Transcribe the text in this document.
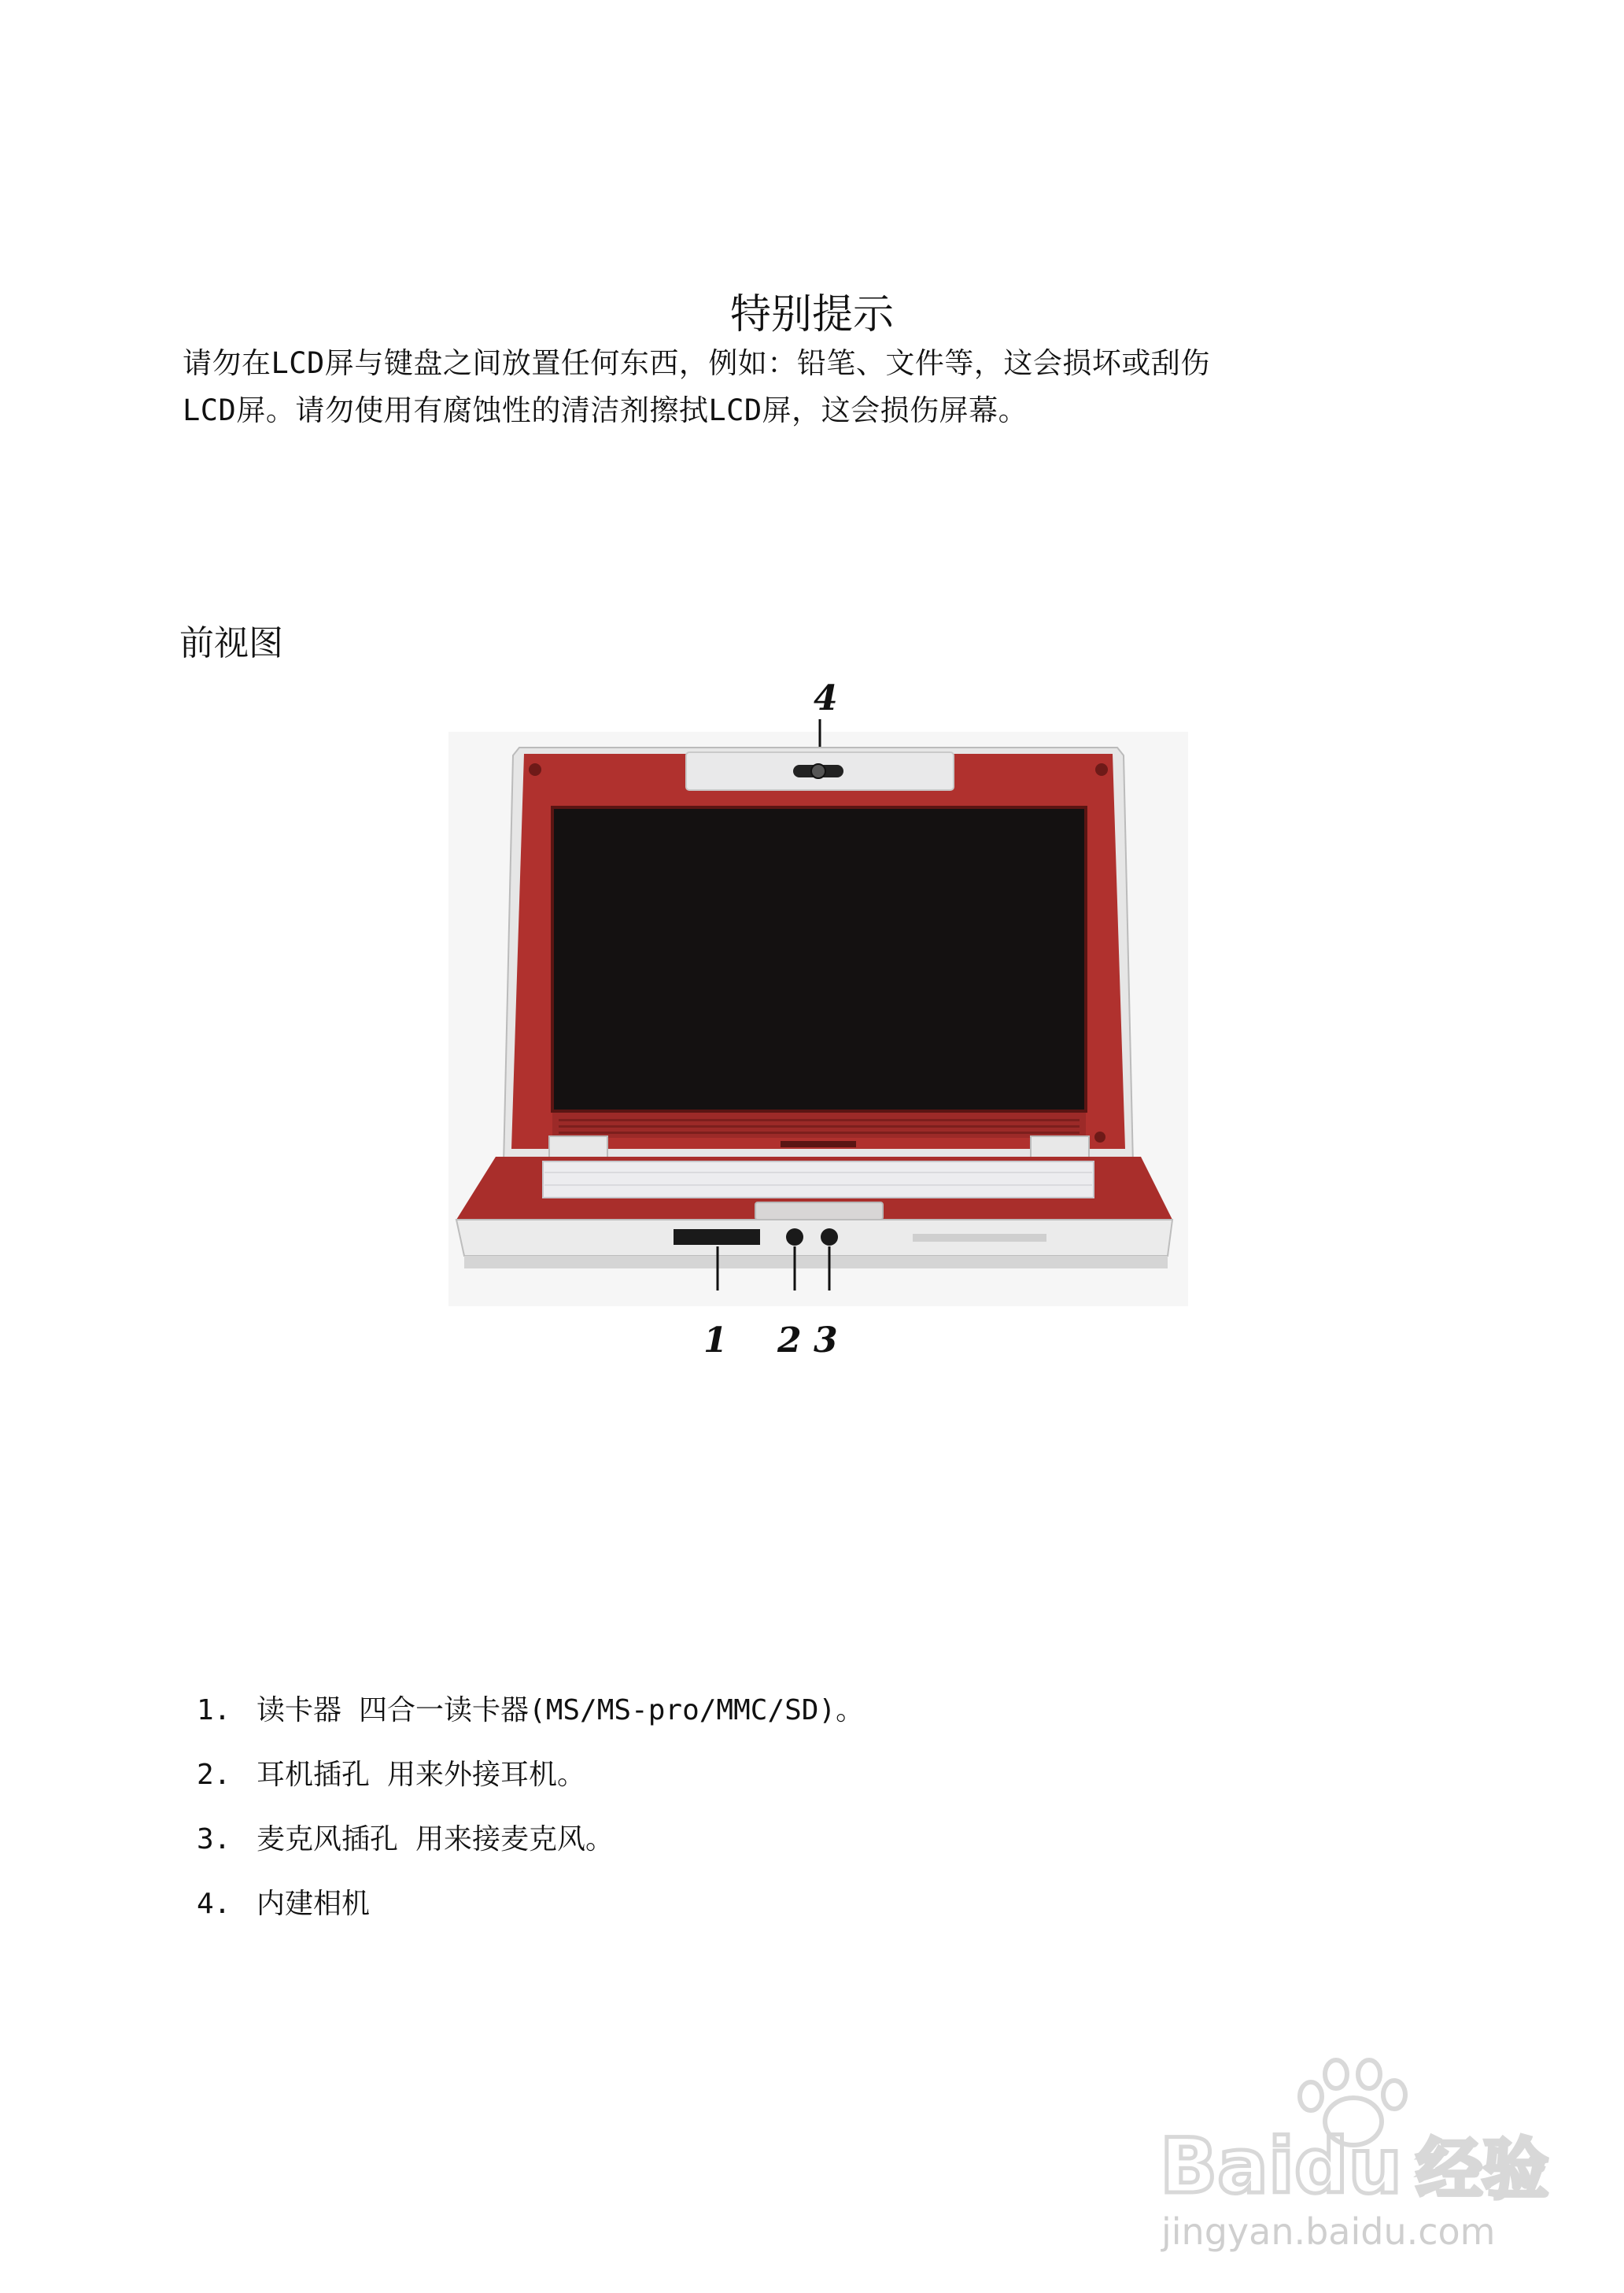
特别提示

请勿在LCD屏与键盘之间放置任何东西，例如：铅笔、文件等，这会损坏或刮伤

LCD屏。请勿使用有腐蚀性的清洁剂擦拭LCD屏，这会损伤屏幕。

前视图
4
1 2 3
1. 读卡器 四合一读卡器(MS/MS-pro/MMC/SD)。
2. 耳机插孔 用来外接耳机。
3. 麦克风插孔 用来接麦克风。
4. 内建相机
Baidu 经验
jingyan.baidu.com
